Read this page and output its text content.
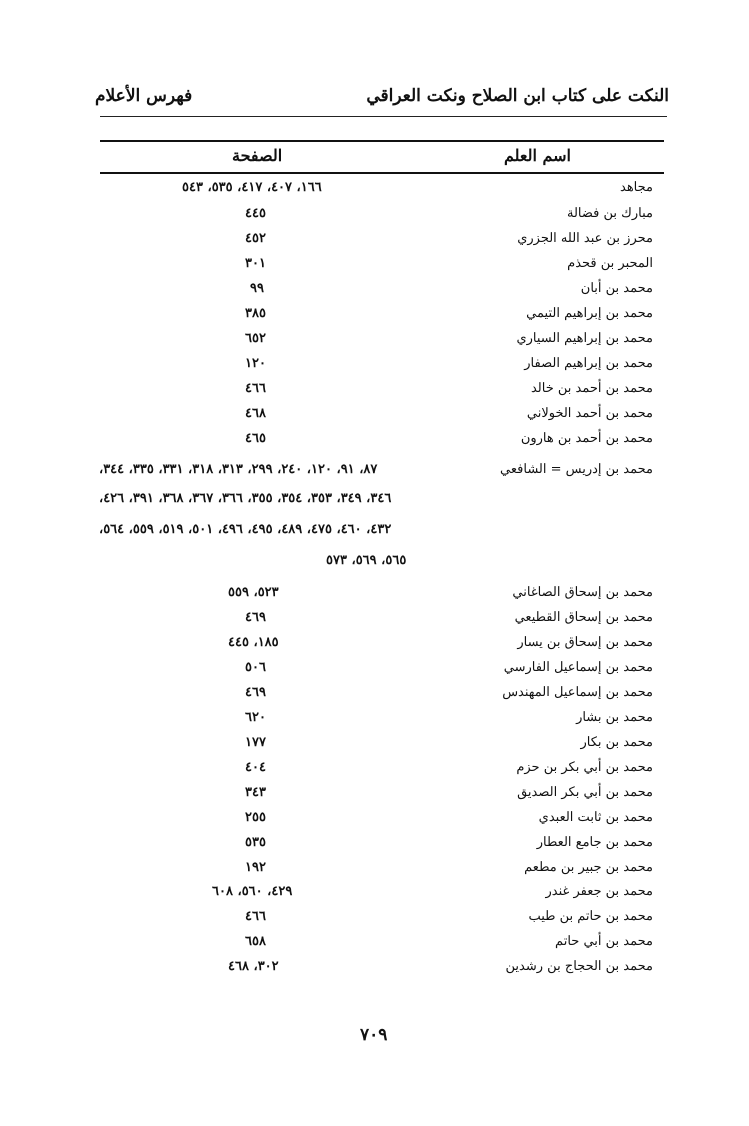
فهرس الأعلام	النكت على كتاب ابن الصلاح ونكت العراقي
اسم العلم
الصفحة
مجاهد
١٦٦، ٤٠٧، ٤١٧، ٥٣٥، ٥٤٣
مبارك بن فضالة
٤٤٥
محرز بن عبد الله الجزري
٤٥٢
المحبر بن قحذم
٣٠١
محمد بن أبان
٩٩
محمد بن إبراهيم التيمي
٣٨٥
محمد بن إبراهيم السياري
٦٥٢
محمد بن إبراهيم الصفار
١٢٠
محمد بن أحمد بن خالد
٤٦٦
محمد بن أحمد الخولاني
٤٦٨
محمد بن أحمد بن هارون
٤٦٥
محمد بن إدريس = الشافعي
٨٧، ٩١، ١٢٠، ٢٤٠، ٢٩٩، ٣١٣، ٣١٨، ٣٣١، ٣٣٥، ٣٤٤،
٣٤٦، ٣٤٩، ٣٥٣، ٣٥٤، ٣٥٥، ٣٦٦، ٣٦٧، ٣٦٨، ٣٩١، ٤٢٦،
٤٣٢، ٤٦٠، ٤٧٥، ٤٨٩، ٤٩٥، ٤٩٦، ٥٠١، ٥١٩، ٥٥٩، ٥٦٤،
٥٦٥، ٥٦٩، ٥٧٣
محمد بن إسحاق الصاغاني
٥٢٣، ٥٥٩
محمد بن إسحاق القطيعي
٤٦٩
محمد بن إسحاق بن يسار
١٨٥، ٤٤٥
محمد بن إسماعيل الفارسي
٥٠٦
محمد بن إسماعيل المهندس
٤٦٩
محمد بن بشار
٦٢٠
محمد بن بكار
١٧٧
محمد بن أبي بكر بن حزم
٤٠٤
محمد بن أبي بكر الصديق
٣٤٣
محمد بن ثابت العبدي
٢٥٥
محمد بن جامع العطار
٥٣٥
محمد بن جبير بن مطعم
١٩٢
محمد بن جعفر غندر
٤٢٩، ٥٦٠، ٦٠٨
محمد بن حاتم بن طيب
٤٦٦
محمد بن أبي حاتم
٦٥٨
محمد بن الحجاج بن رشدين
٣٠٢، ٤٦٨
٧٠٩
